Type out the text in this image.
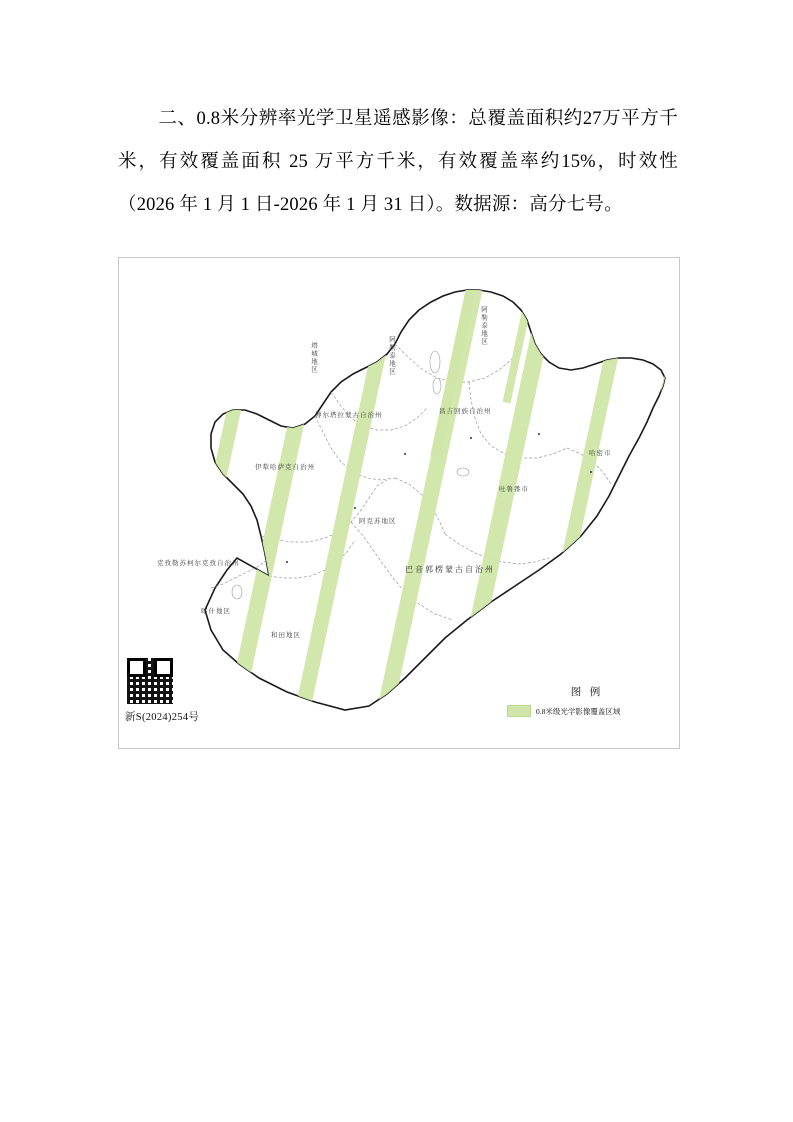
二、0.8米分辨率光学卫星遥感影像：总覆盖面积约27万平方千米，有效覆盖面积 25 万平方千米，有效覆盖率约15%，时效性（2026 年 1 月 1 日-2026 年 1 月 31 日）。数据源：高分七号。
阿勒泰地区
塔城地区
阿勒泰地区
昌吉回族自治州
哈密市
吐鲁番市
阿克苏地区
巴音郭楞蒙古自治州
博尔塔拉蒙古自治州
伊犁哈萨克自治州
克孜勒苏柯尔克孜自治州
喀什地区
和田地区
新S(2024)254号
图 例
0.8米级光学影像覆盖区域
